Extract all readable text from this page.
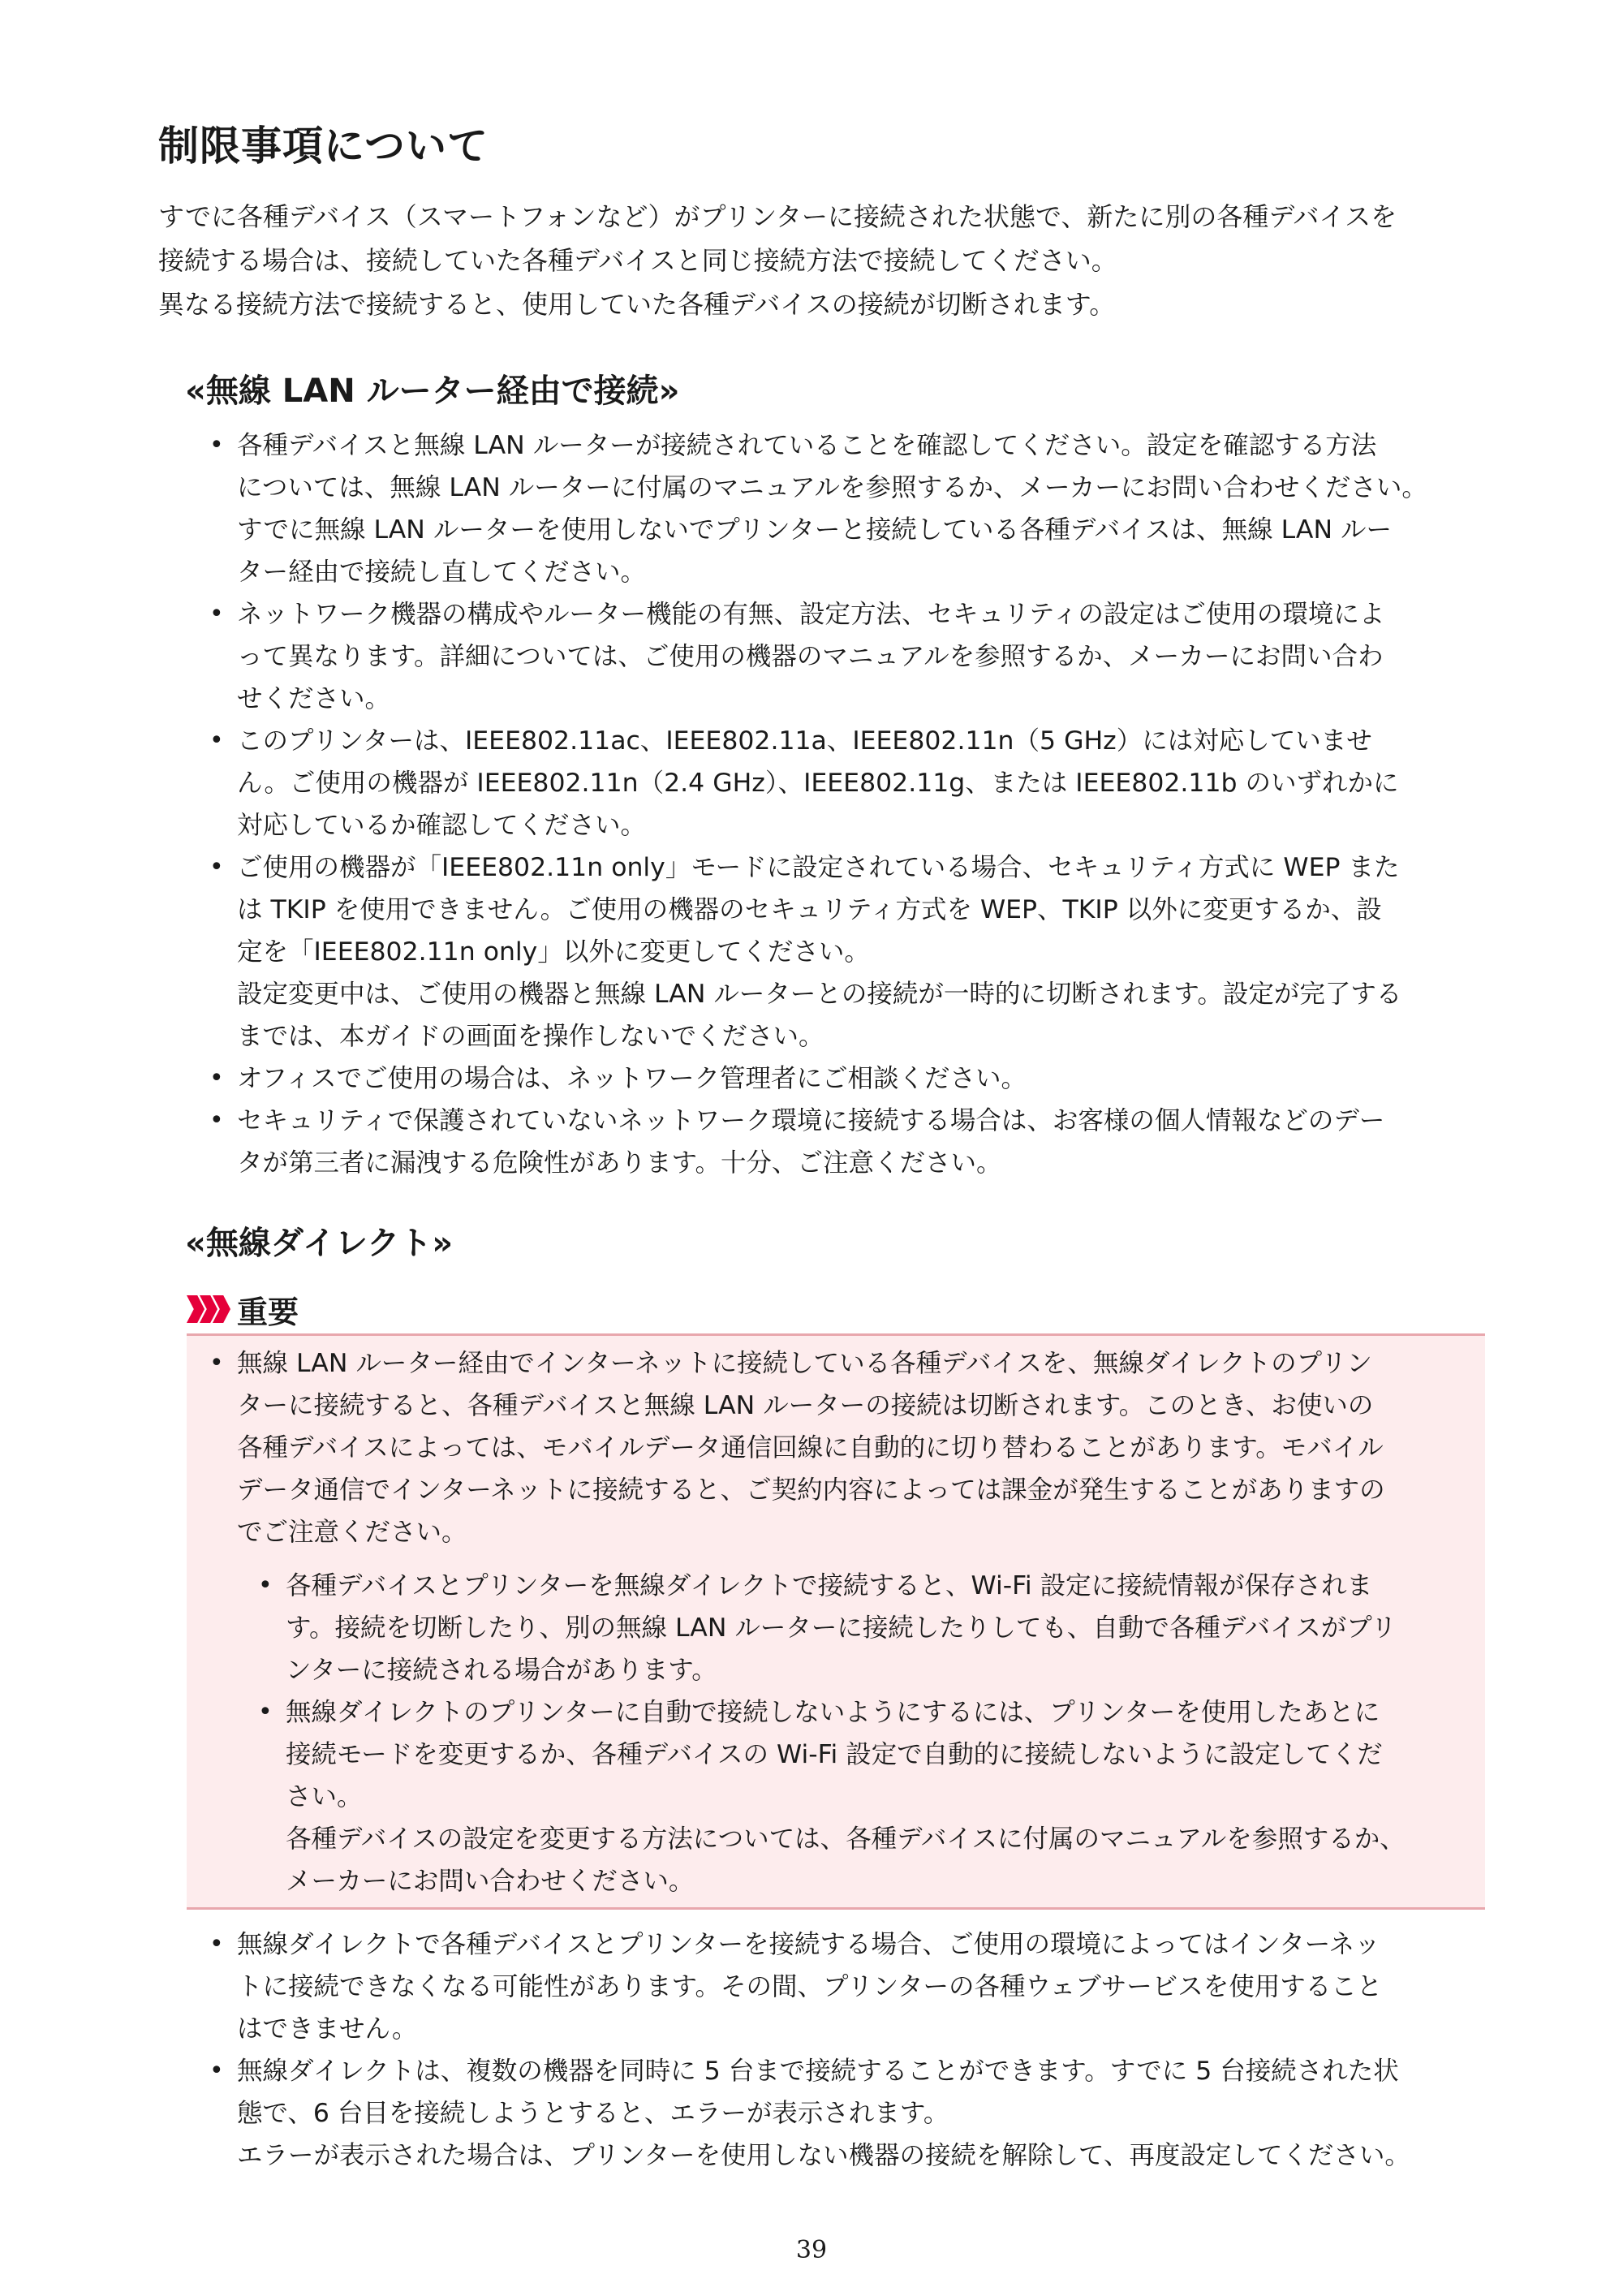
制限事項について

すでに各種デバイス（スマートフォンなど）がプリンターに接続された状態で、新たに別の各種デバイスを

接続する場合は、接続していた各種デバイスと同じ接続方法で接続してください。

異なる接続方法で接続すると、使用していた各種デバイスの接続が切断されます。

«無線 LAN ルーター経由で接続»
• 各種デバイスと無線 LAN ルーターが接続されていることを確認してください。設定を確認する方法
については、無線 LAN ルーターに付属のマニュアルを参照するか、メーカーにお問い合わせください。
すでに無線 LAN ルーターを使用しないでプリンターと接続している各種デバイスは、無線 LAN ルー
ター経由で接続し直してください。
• ネットワーク機器の構成やルーター機能の有無、設定方法、セキュリティの設定はご使用の環境によ
って異なります。詳細については、ご使用の機器のマニュアルを参照するか、メーカーにお問い合わ
せください。
• このプリンターは、IEEE802.11ac、IEEE802.11a、IEEE802.11n（5 GHz）には対応していませ
ん。ご使用の機器が IEEE802.11n（2.4 GHz）、IEEE802.11g、または IEEE802.11b のいずれかに
対応しているか確認してください。
• ご使用の機器が「IEEE802.11n only」モードに設定されている場合、セキュリティ方式に WEP また
は TKIP を使用できません。ご使用の機器のセキュリティ方式を WEP、TKIP 以外に変更するか、設
定を「IEEE802.11n only」以外に変更してください。
設定変更中は、ご使用の機器と無線 LAN ルーターとの接続が一時的に切断されます。設定が完了する
までは、本ガイドの画面を操作しないでください。
• オフィスでご使用の場合は、ネットワーク管理者にご相談ください。
• セキュリティで保護されていないネットワーク環境に接続する場合は、お客様の個人情報などのデー
タが第三者に漏洩する危険性があります。十分、ご注意ください。
«無線ダイレクト»
重要
• 無線 LAN ルーター経由でインターネットに接続している各種デバイスを、無線ダイレクトのプリン
ターに接続すると、各種デバイスと無線 LAN ルーターの接続は切断されます。このとき、お使いの
各種デバイスによっては、モバイルデータ通信回線に自動的に切り替わることがあります。モバイル
データ通信でインターネットに接続すると、ご契約内容によっては課金が発生することがありますの
でご注意ください。
• 各種デバイスとプリンターを無線ダイレクトで接続すると、Wi-Fi 設定に接続情報が保存されま
す。接続を切断したり、別の無線 LAN ルーターに接続したりしても、自動で各種デバイスがプリ
ンターに接続される場合があります。
• 無線ダイレクトのプリンターに自動で接続しないようにするには、プリンターを使用したあとに
接続モードを変更するか、各種デバイスの Wi-Fi 設定で自動的に接続しないように設定してくだ
さい。
各種デバイスの設定を変更する方法については、各種デバイスに付属のマニュアルを参照するか、
メーカーにお問い合わせください。
• 無線ダイレクトで各種デバイスとプリンターを接続する場合、ご使用の環境によってはインターネッ
トに接続できなくなる可能性があります。その間、プリンターの各種ウェブサービスを使用すること
はできません。
• 無線ダイレクトは、複数の機器を同時に 5 台まで接続することができます。すでに 5 台接続された状
態で、6 台目を接続しようとすると、エラーが表示されます。
エラーが表示された場合は、プリンターを使用しない機器の接続を解除して、再度設定してください。
39
